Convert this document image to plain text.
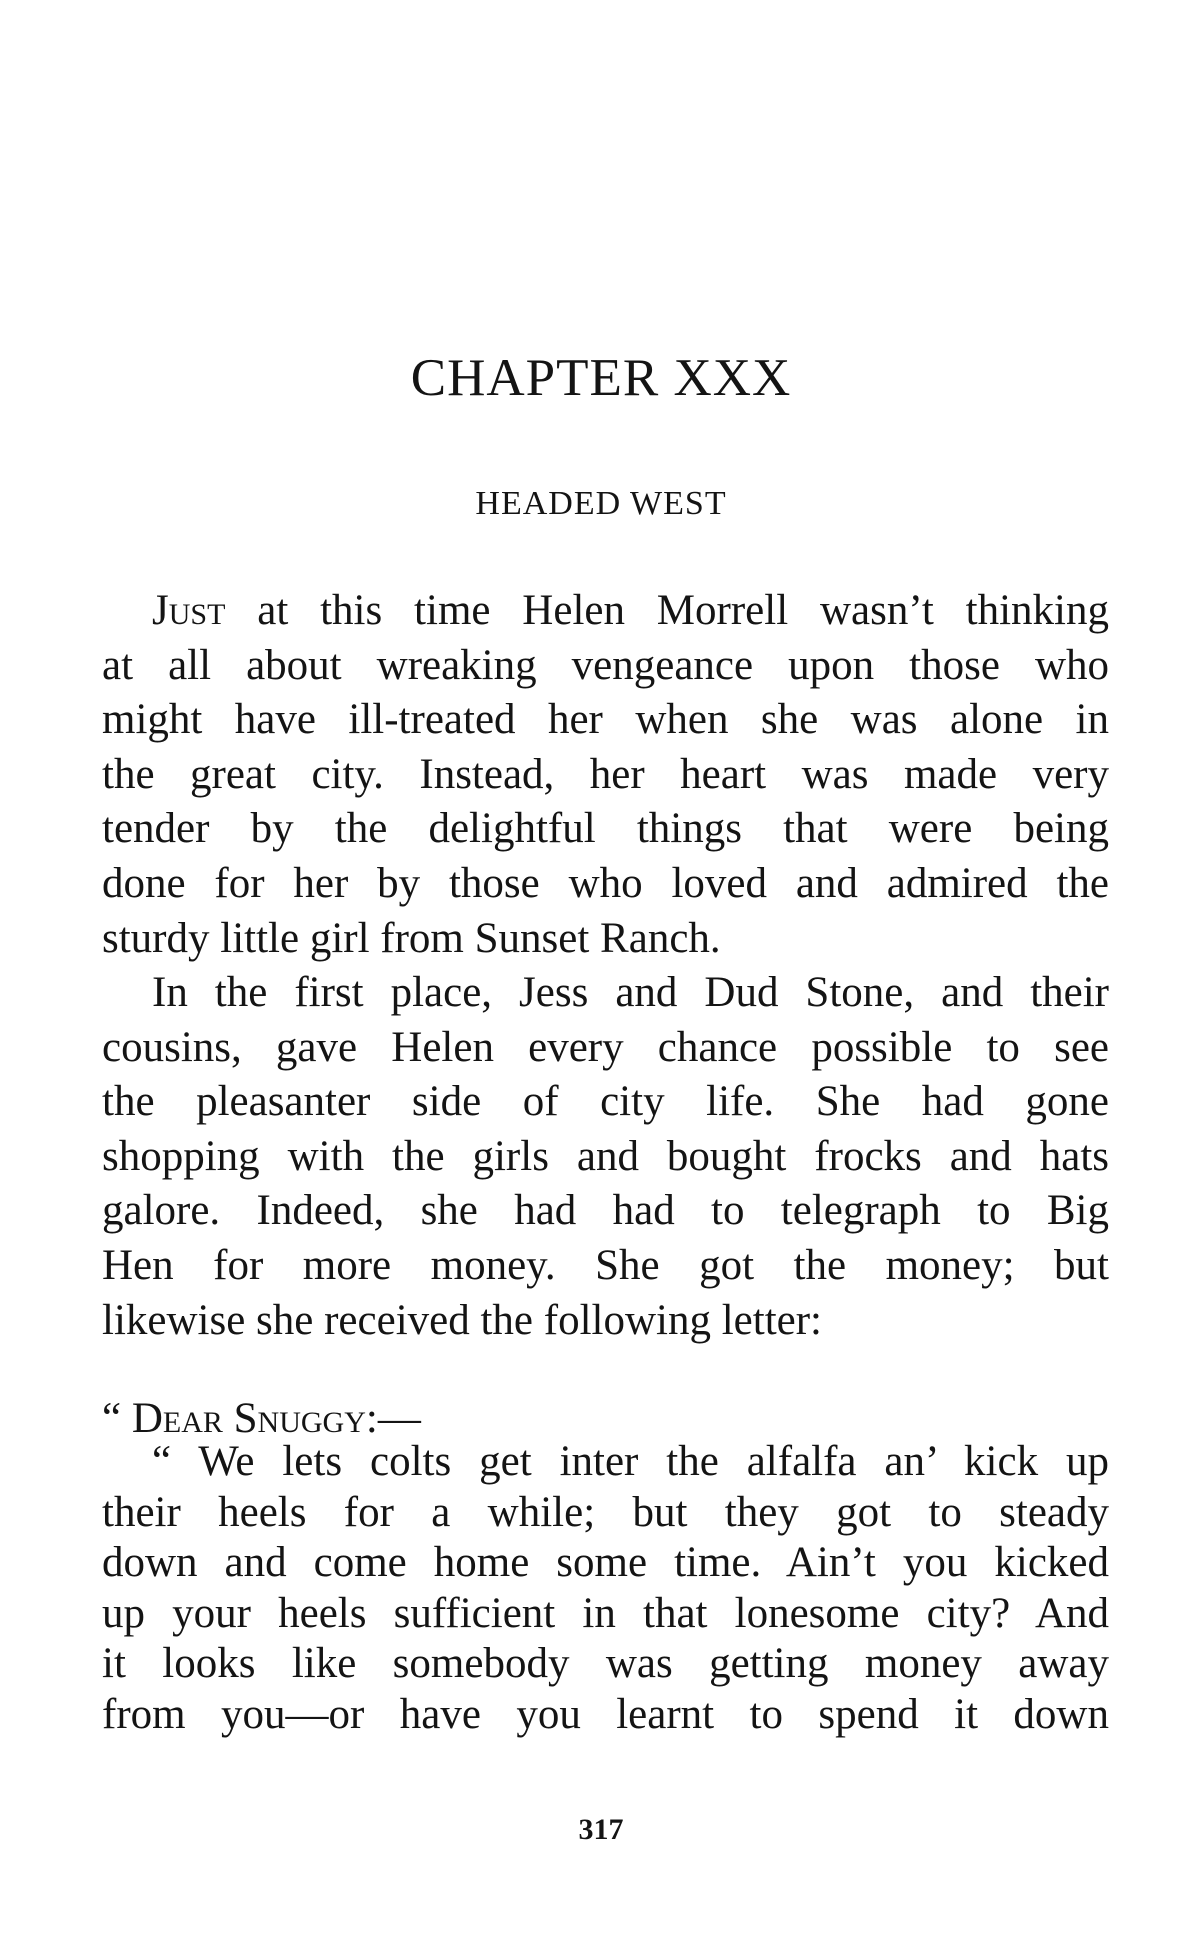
CHAPTER XXX
HEADED WEST
Just at this time Helen Morrell wasn’t thinking
at all about wreaking vengeance upon those who
might have ill-treated her when she was alone in
the great city. Instead, her heart was made very
tender by the delightful things that were being
done for her by those who loved and admired the
sturdy little girl from Sunset Ranch.
In the first place, Jess and Dud Stone, and their
cousins, gave Helen every chance possible to see
the pleasanter side of city life. She had gone
shopping with the girls and bought frocks and hats
galore. Indeed, she had had to telegraph to Big
Hen for more money. She got the money; but
likewise she received the following letter:

“ Dear Snuggy:—

“ We lets colts get inter the alfalfa an’ kick up
their heels for a while; but they got to steady
down and come home some time. Ain’t you kicked
up your heels sufficient in that lonesome city? And
it looks like somebody was getting money away
from you—or have you learnt to spend it down

317
